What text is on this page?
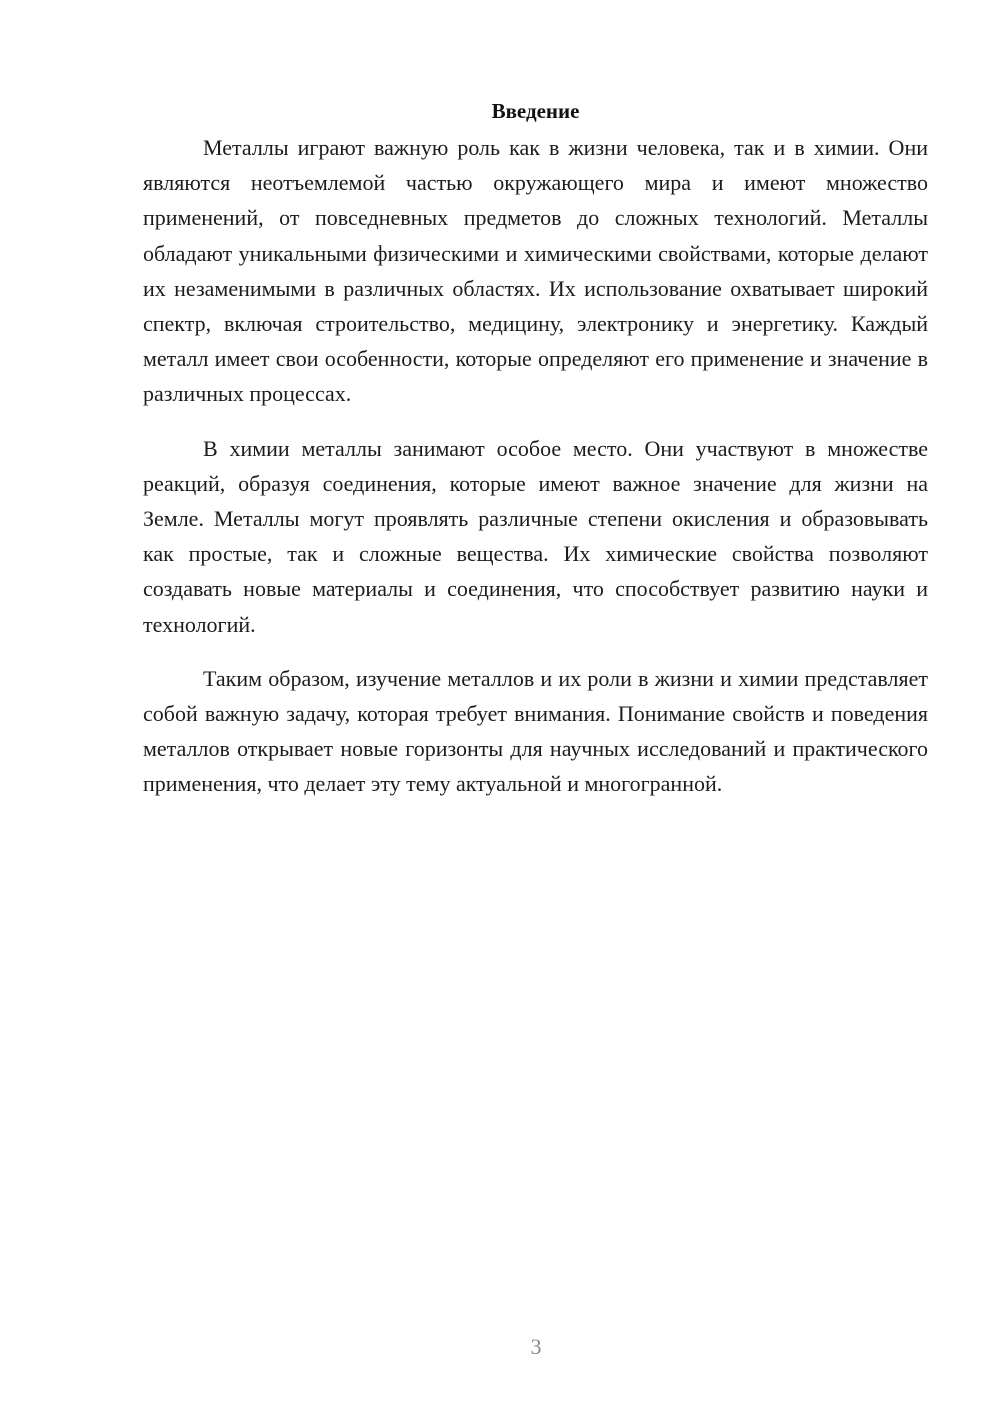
Введение

Металлы играют важную роль как в жизни человека, так и в химии. Они являются неотъемлемой частью окружающего мира и имеют множество применений, от повседневных предметов до сложных технологий. Металлы обладают уникальными физическими и химическими свойствами, которые делают их незаменимыми в различных областях. Их использование охватывает широкий спектр, включая строительство, медицину, электронику и энергетику. Каждый металл имеет свои особенности, которые определяют его применение и значение в различных процессах.

В химии металлы занимают особое место. Они участвуют в множестве реакций, образуя соединения, которые имеют важное значение для жизни на Земле. Металлы могут проявлять различные степени окисления и образовывать как простые, так и сложные вещества. Их химические свойства позволяют создавать новые материалы и соединения, что способствует развитию науки и технологий.

Таким образом, изучение металлов и их роли в жизни и химии представляет собой важную задачу, которая требует внимания. Понимание свойств и поведения металлов открывает новые горизонты для научных исследований и практического применения, что делает эту тему актуальной и многогранной.

3
